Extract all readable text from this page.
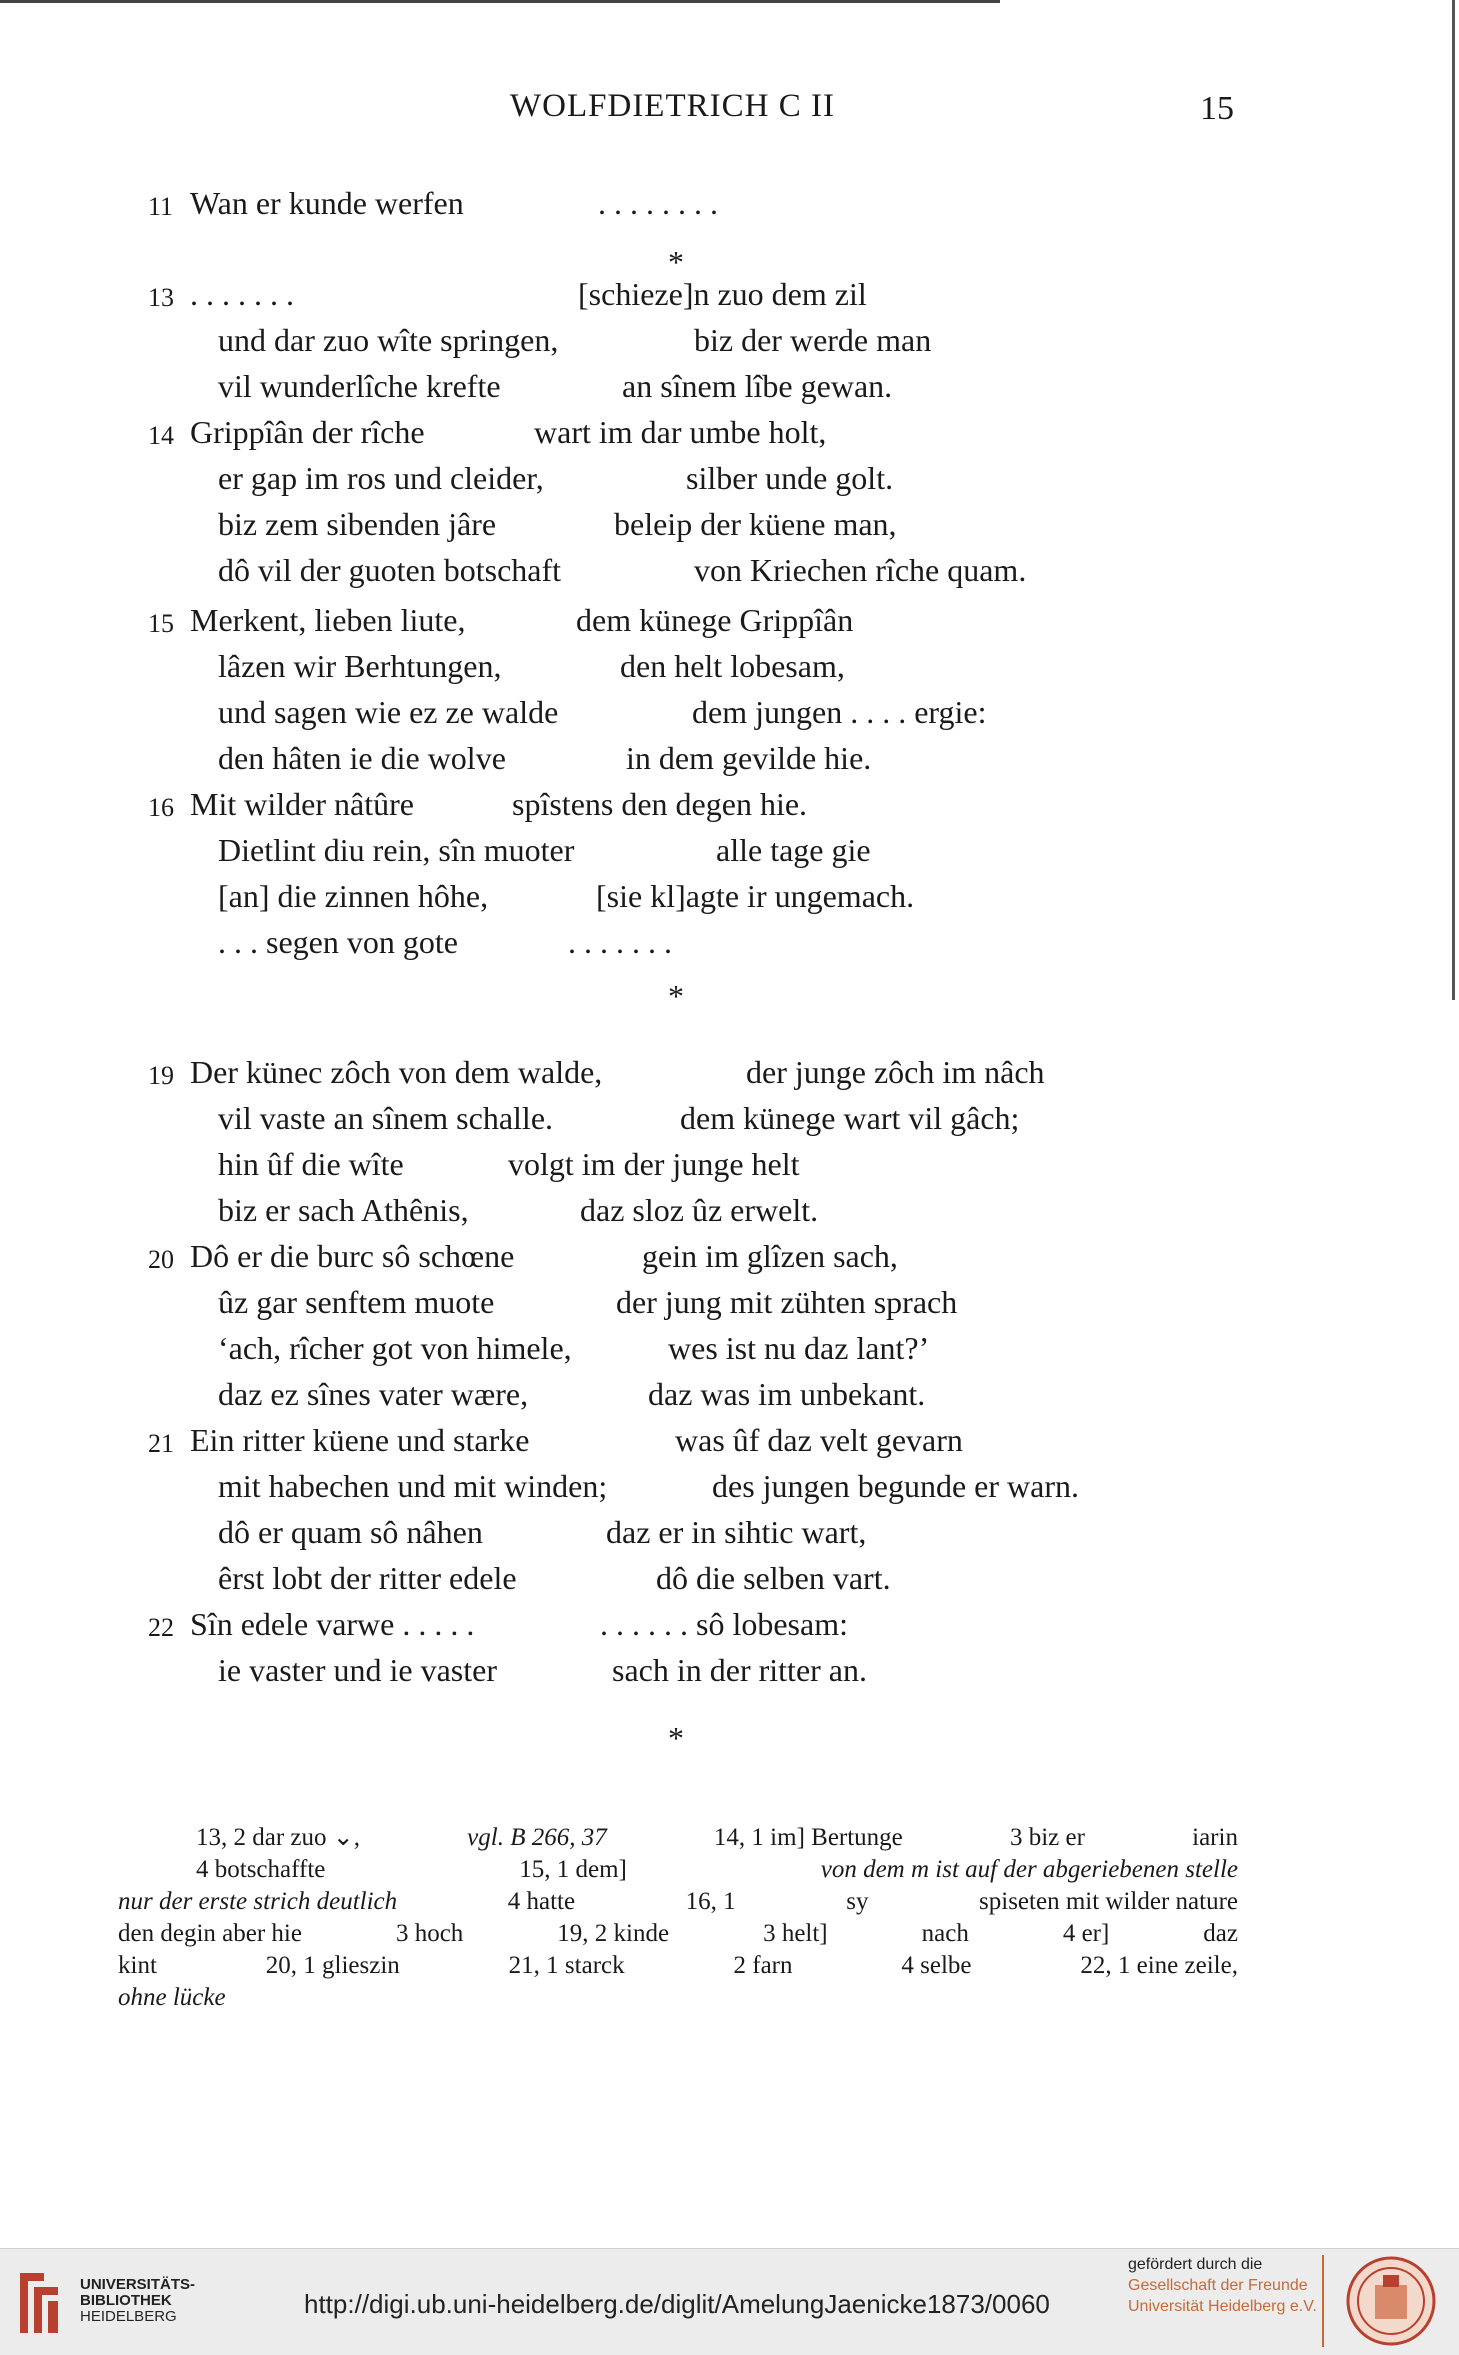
WOLFDIETRICH C II	15
11 Wan er kunde werfen	. . . . . . . .
*
13 . . . . . . .	[schieze]n zuo dem zil
und dar zuo wîte springen,	biz der werde man
vil wunderlîche krefte	an sînem lîbe gewan.
14 Grippîân der rîche	wart im dar umbe holt,
er gap im ros und cleider,	silber unde golt.
biz zem sibenden jâre	beleip der küene man,
dô vil der guoten botschaft	von Kriechen rîche quam.
15 Merkent, lieben liute,	dem künege Grippîân
lâzen wir Berhtungen,	den helt lobesam,
und sagen wie ez ze walde	dem jungen . . . . ergie:
den hâten ie die wolve	in dem gevilde hie.
16 Mit wilder nâtûre	spîstens den degen hie.
Dietlint diu rein, sîn muoter	alle tage gie
[an] die zinnen hôhe,	[sie kl]agte ir ungemach.
. . . segen von gote	. . . . . . .
*
19 Der künec zôch von dem walde,	der junge zôch im nâch
vil vaste an sînem schalle.	dem künege wart vil gâch;
hin ûf die wîte	volgt im der junge helt
biz er sach Athênis,	daz sloz ûz erwelt.
20 Dô er die burc sô schœne	gein im glîzen sach,
ûz gar senftem muote	der jung mit zühten sprach
‘ach, rîcher got von himele,	wes ist nu daz lant?’
daz ez sînes vater wære,	daz was im unbekant.
21 Ein ritter küene und starke	was ûf daz velt gevarn
mit habechen und mit winden;	des jungen begunde er warn.
dô er quam sô nâhen	daz er in sihtic wart,
êrst lobt der ritter edele	dô die selben vart.
22 Sîn edele varwe . . . . .	. . . . . . sô lobesam:
ie vaster und ie vaster	sach in der ritter an.
*
13, 2 dar zuo ⌄,	vgl. B 266, 37	14, 1 im] Bertunge	3 biz er	iarin
4 botschaffte	15, 1 dem]	von dem m ist auf der abgeriebenen stelle
nur der erste strich deutlich	4 hatte	16, 1	sy	spiseten mit wilder nature
den degin aber hie	3 hoch	19, 2 kinde	3 helt]	nach	4 er]	daz
kint	20, 1 glieszin	21, 1 starck	2 farn	4 selbe	22, 1 eine zeile,
ohne lücke
UNIVERSITÄTS-
BIBLIOTHEK
HEIDELBERG	http://digi.ub.uni-heidelberg.de/diglit/AmelungJaenicke1873/0060
gefördert durch die
Gesellschaft der Freunde
Universität Heidelberg e.V.
